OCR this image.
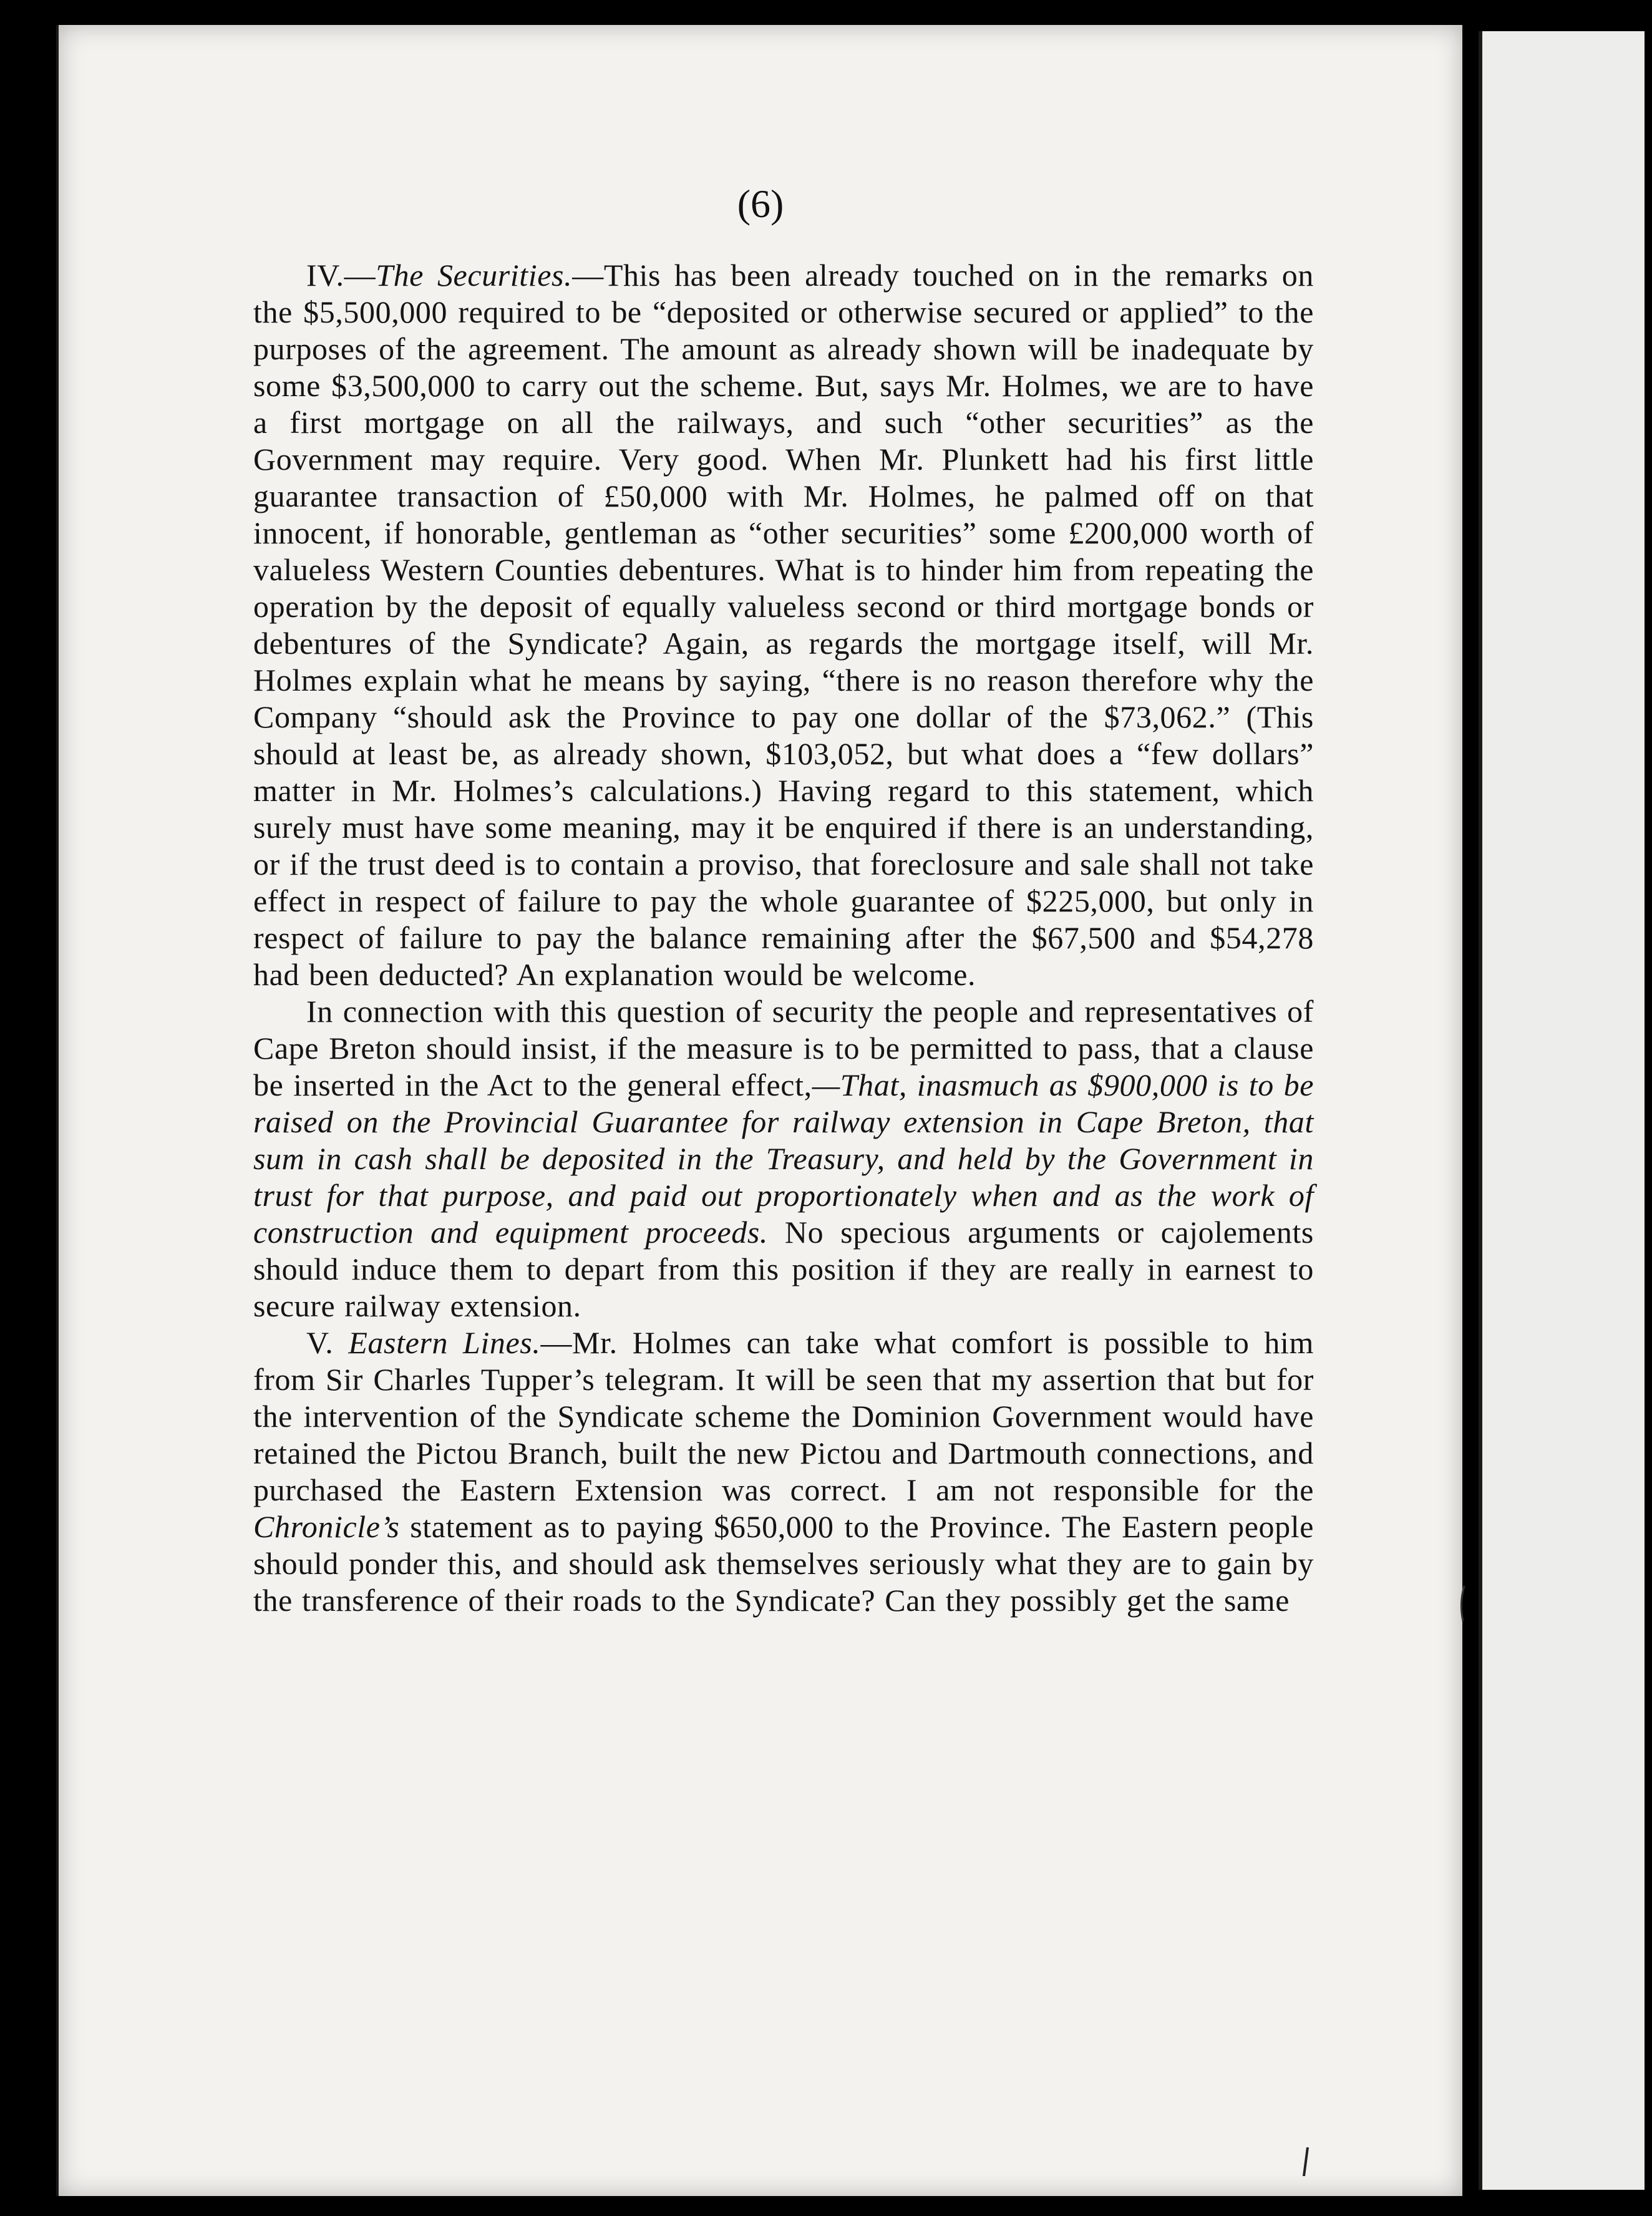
(6)

IV.—The Securities.—This has been already touched on in the remarks on the $5,500,000 required to be “deposited or otherwise secured or applied” to the purposes of the agreement. The amount as already shown will be inadequate by some $3,500,000 to carry out the scheme. But, says Mr. Holmes, we are to have a first mortgage on all the railways, and such “other securities” as the Government may require. Very good. When Mr. Plunkett had his first little guarantee transaction of £50,000 with Mr. Holmes, he palmed off on that innocent, if honorable, gentleman as “other securities” some £200,000 worth of valueless Western Counties debentures. What is to hinder him from repeating the operation by the deposit of equally valueless second or third mortgage bonds or debentures of the Syndicate? Again, as regards the mortgage itself, will Mr. Holmes explain what he means by saying, “there is no reason therefore why the Company “should ask the Province to pay one dollar of the $73,062.” (This should at least be, as already shown, $103,052, but what does a “few dollars” matter in Mr. Holmes’s calculations.) Having regard to this statement, which surely must have some meaning, may it be enquired if there is an understanding, or if the trust deed is to contain a proviso, that foreclosure and sale shall not take effect in respect of failure to pay the whole guarantee of $225,000, but only in respect of failure to pay the balance remaining after the $67,500 and $54,278 had been deducted? An explanation would be welcome.

In connection with this question of security the people and representatives of Cape Breton should insist, if the measure is to be permitted to pass, that a clause be inserted in the Act to the general effect,—That, inasmuch as $900,000 is to be raised on the Provincial Guarantee for railway extension in Cape Breton, that sum in cash shall be deposited in the Treasury, and held by the Government in trust for that purpose, and paid out proportionately when and as the work of construction and equipment proceeds. No specious arguments or cajolements should induce them to depart from this position if they are really in earnest to secure railway extension.

V. Eastern Lines.—Mr. Holmes can take what comfort is possible to him from Sir Charles Tupper’s telegram. It will be seen that my assertion that but for the intervention of the Syndicate scheme the Dominion Government would have retained the Pictou Branch, built the new Pictou and Dartmouth connections, and purchased the Eastern Extension was correct. I am not responsible for the Chronicle’s statement as to paying $650,000 to the Province. The Eastern people should ponder this, and should ask themselves seriously what they are to gain by the transference of their roads to the Syndicate? Can they possibly get the same
